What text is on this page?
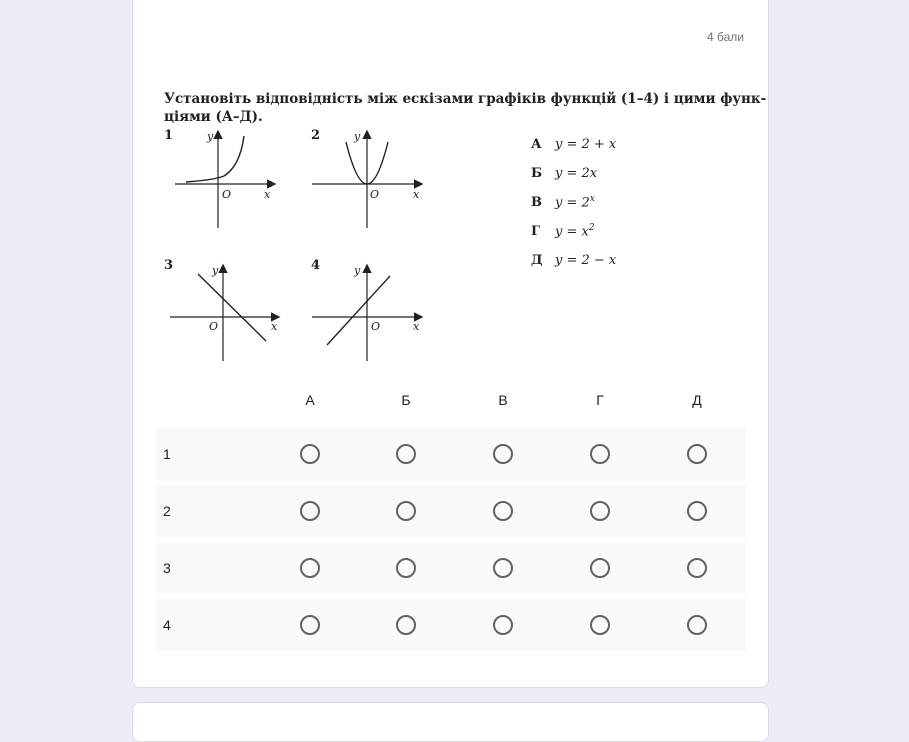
4 бали
Установіть відповідність між ескізами графіків функцій (1–4) і цими функ-
ціями (А–Д).
1	y
O	x
2	y
O	x
3	y
O	x
4	y
O	x
А	y = 2 + x
Б y = 2x
В	$y = 2^x$
Г	$y = x^2$
Д y = 2 − x
А	Б	В	Г	Д
1
2
3
4
